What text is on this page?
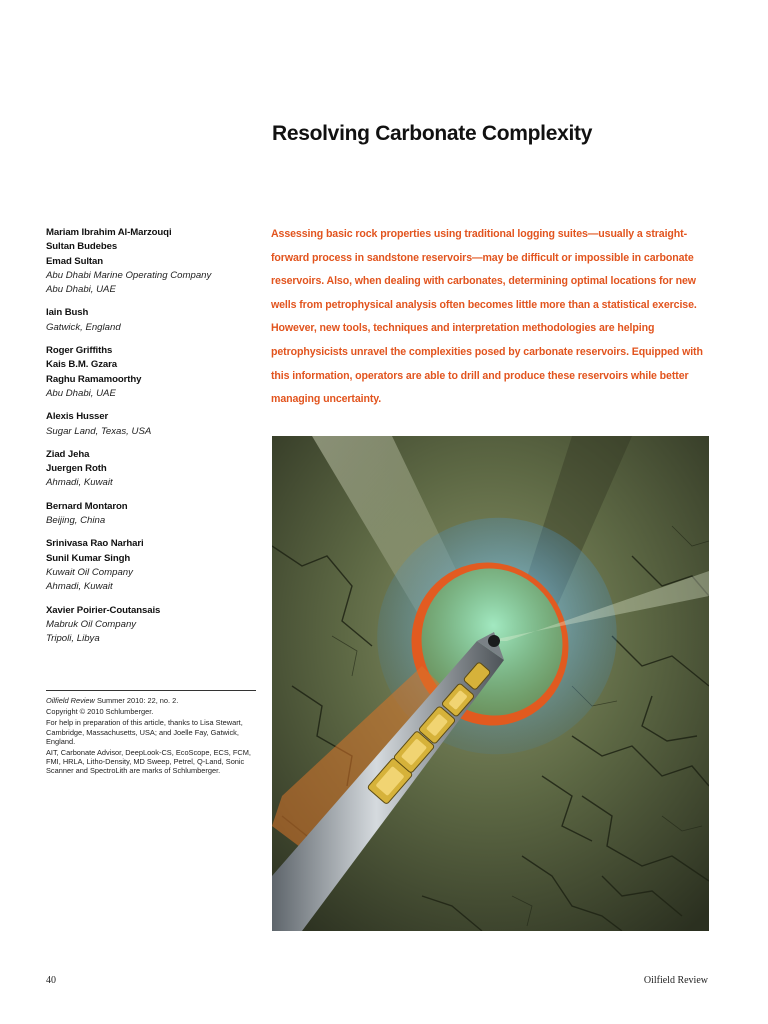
Resolving Carbonate Complexity
Mariam Ibrahim Al-Marzouqi
Sultan Budebes
Emad Sultan
Abu Dhabi Marine Operating Company
Abu Dhabi, UAE
Iain Bush
Gatwick, England
Roger Griffiths
Kais B.M. Gzara
Raghu Ramamoorthy
Abu Dhabi, UAE
Alexis Husser
Sugar Land, Texas, USA
Ziad Jeha
Juergen Roth
Ahmadi, Kuwait
Bernard Montaron
Beijing, China
Srinivasa Rao Narhari
Sunil Kumar Singh
Kuwait Oil Company
Ahmadi, Kuwait
Xavier Poirier-Coutansais
Mabruk Oil Company
Tripoli, Libya
Oilfield Review Summer 2010: 22, no. 2.
Copyright © 2010 Schlumberger.
For help in preparation of this article, thanks to Lisa Stewart, Cambridge, Massachusetts, USA; and Joelle Fay, Gatwick, England.
AIT, Carbonate Advisor, DeepLook-CS, EcoScope, ECS, FCM, FMI, HRLA, Litho-Density, MD Sweep, Petrel, Q-Land, Sonic Scanner and SpectroLith are marks of Schlumberger.

Assessing basic rock properties using traditional logging suites—usually a straight-forward process in sandstone reservoirs—may be difficult or impossible in carbonate reservoirs. Also, when dealing with carbonates, determining optimal locations for new wells from petrophysical analysis often becomes little more than a statistical exercise. However, new tools, techniques and interpretation methodologies are helping petrophysicists unravel the complexities posed by carbonate reservoirs. Equipped with this information, operators are able to drill and produce these reservoirs while better managing uncertainty.

40	Oilfield Review
